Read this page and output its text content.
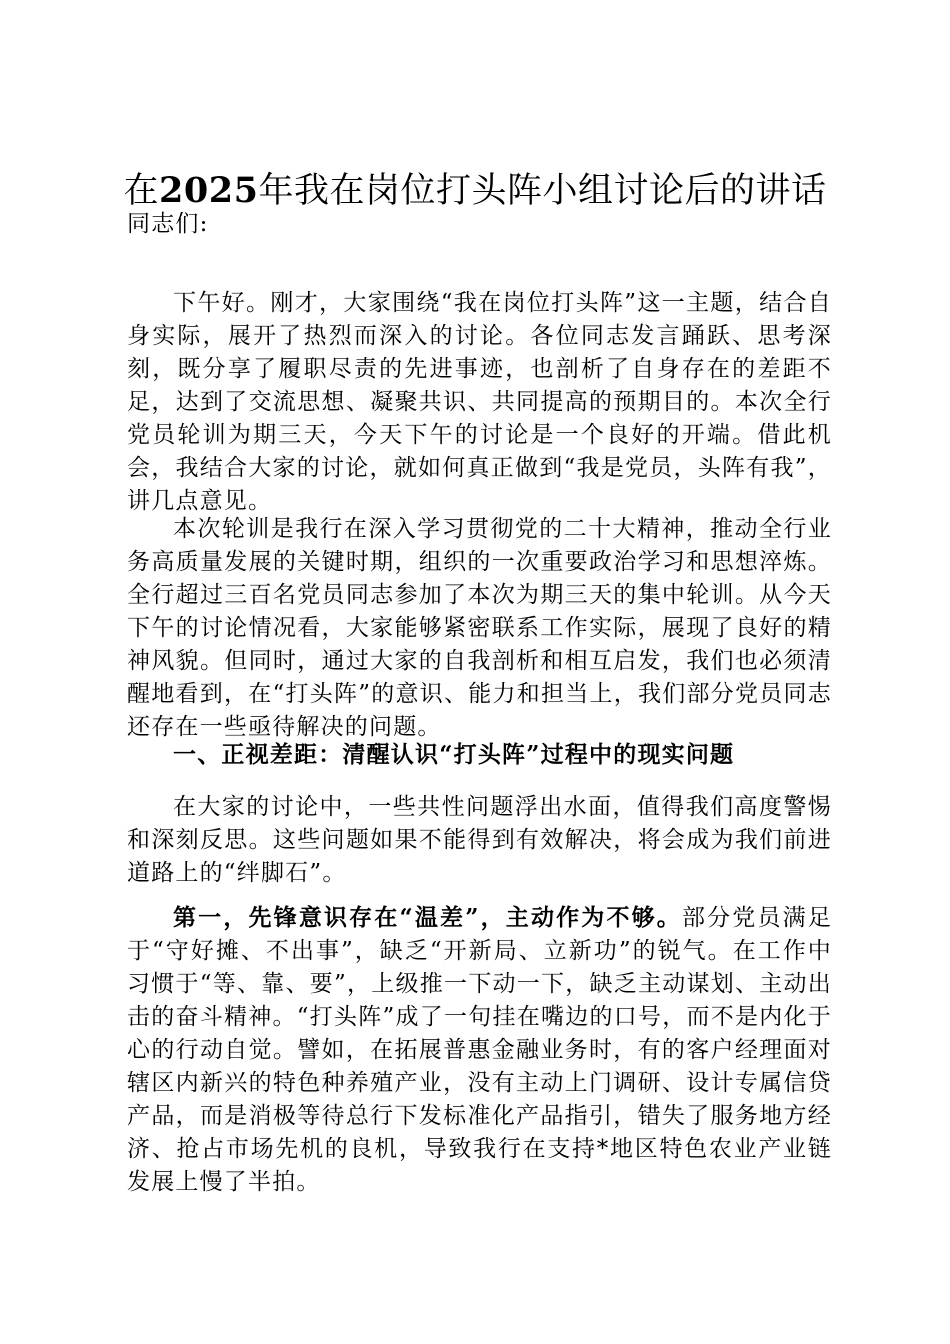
在2025年我在岗位打头阵小组讨论后的讲话
同志们:

下午好。刚才，大家围绕“我在岗位打头阵”这一主题，结合自身实际，展开了热烈而深入的讨论。各位同志发言踊跃、思考深刻，既分享了履职尽责的先进事迹，也剖析了自身存在的差距不足，达到了交流思想、凝聚共识、共同提高的预期目的。本次全行党员轮训为期三天，今天下午的讨论是一个良好的开端。借此机会，我结合大家的讨论，就如何真正做到“我是党员，头阵有我”，讲几点意见。

本次轮训是我行在深入学习贯彻党的二十大精神，推动全行业务高质量发展的关键时期，组织的一次重要政治学习和思想淬炼。全行超过三百名党员同志参加了本次为期三天的集中轮训。从今天下午的讨论情况看，大家能够紧密联系工作实际，展现了良好的精神风貌。但同时，通过大家的自我剖析和相互启发，我们也必须清醒地看到，在“打头阵”的意识、能力和担当上，我们部分党员同志还存在一些亟待解决的问题。

一、正视差距：清醒认识“打头阵”过程中的现实问题

在大家的讨论中，一些共性问题浮出水面，值得我们高度警惕和深刻反思。这些问题如果不能得到有效解决，将会成为我们前进道路上的“绊脚石”。

第一，先锋意识存在“温差”，主动作为不够。部分党员满足于“守好摊、不出事”，缺乏“开新局、立新功”的锐气。在工作中习惯于“等、靠、要”，上级推一下动一下，缺乏主动谋划、主动出击的奋斗精神。“打头阵”成了一句挂在嘴边的口号，而不是内化于心的行动自觉。譬如，在拓展普惠金融业务时，有的客户经理面对辖区内新兴的特色种养殖产业，没有主动上门调研、设计专属信贷产品，而是消极等待总行下发标准化产品指引，错失了服务地方经济、抢占市场先机的良机，导致我行在支持*地区特色农业产业链发展上慢了半拍。
